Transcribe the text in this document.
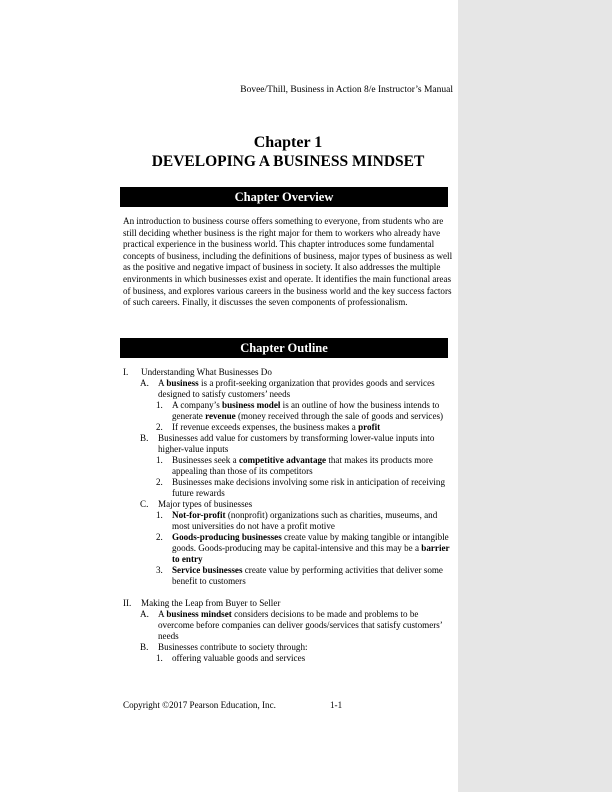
Bovee/Thill, Business in Action 8/e Instructor’s Manual
Chapter 1
DEVELOPING A BUSINESS MINDSET
Chapter Overview
An introduction to business course offers something to everyone, from students who are still deciding whether business is the right major for them to workers who already have practical experience in the business world. This chapter introduces some fundamental concepts of business, including the definitions of business, major types of business as well as the positive and negative impact of business in society. It also addresses the multiple environments in which businesses exist and operate. It identifies the main functional areas of business, and explores various careers in the business world and the key success factors of such careers. Finally, it discusses the seven components of professionalism.
Chapter Outline
I. Understanding What Businesses Do
A. A business is a profit-seeking organization that provides goods and services designed to satisfy customers’ needs
1. A company’s business model is an outline of how the business intends to generate revenue (money received through the sale of goods and services)
2. If revenue exceeds expenses, the business makes a profit
B. Businesses add value for customers by transforming lower-value inputs into higher-value inputs
1. Businesses seek a competitive advantage that makes its products more appealing than those of its competitors
2. Businesses make decisions involving some risk in anticipation of receiving future rewards
C. Major types of businesses
1. Not-for-profit (nonprofit) organizations such as charities, museums, and most universities do not have a profit motive
2. Goods-producing businesses create value by making tangible or intangible goods. Goods-producing may be capital-intensive and this may be a barrier to entry
3. Service businesses create value by performing activities that deliver some benefit to customers
II. Making the Leap from Buyer to Seller
A. A business mindset considers decisions to be made and problems to be overcome before companies can deliver goods/services that satisfy customers’ needs
B. Businesses contribute to society through:
1. offering valuable goods and services
Copyright ©2017 Pearson Education, Inc.	1-1
